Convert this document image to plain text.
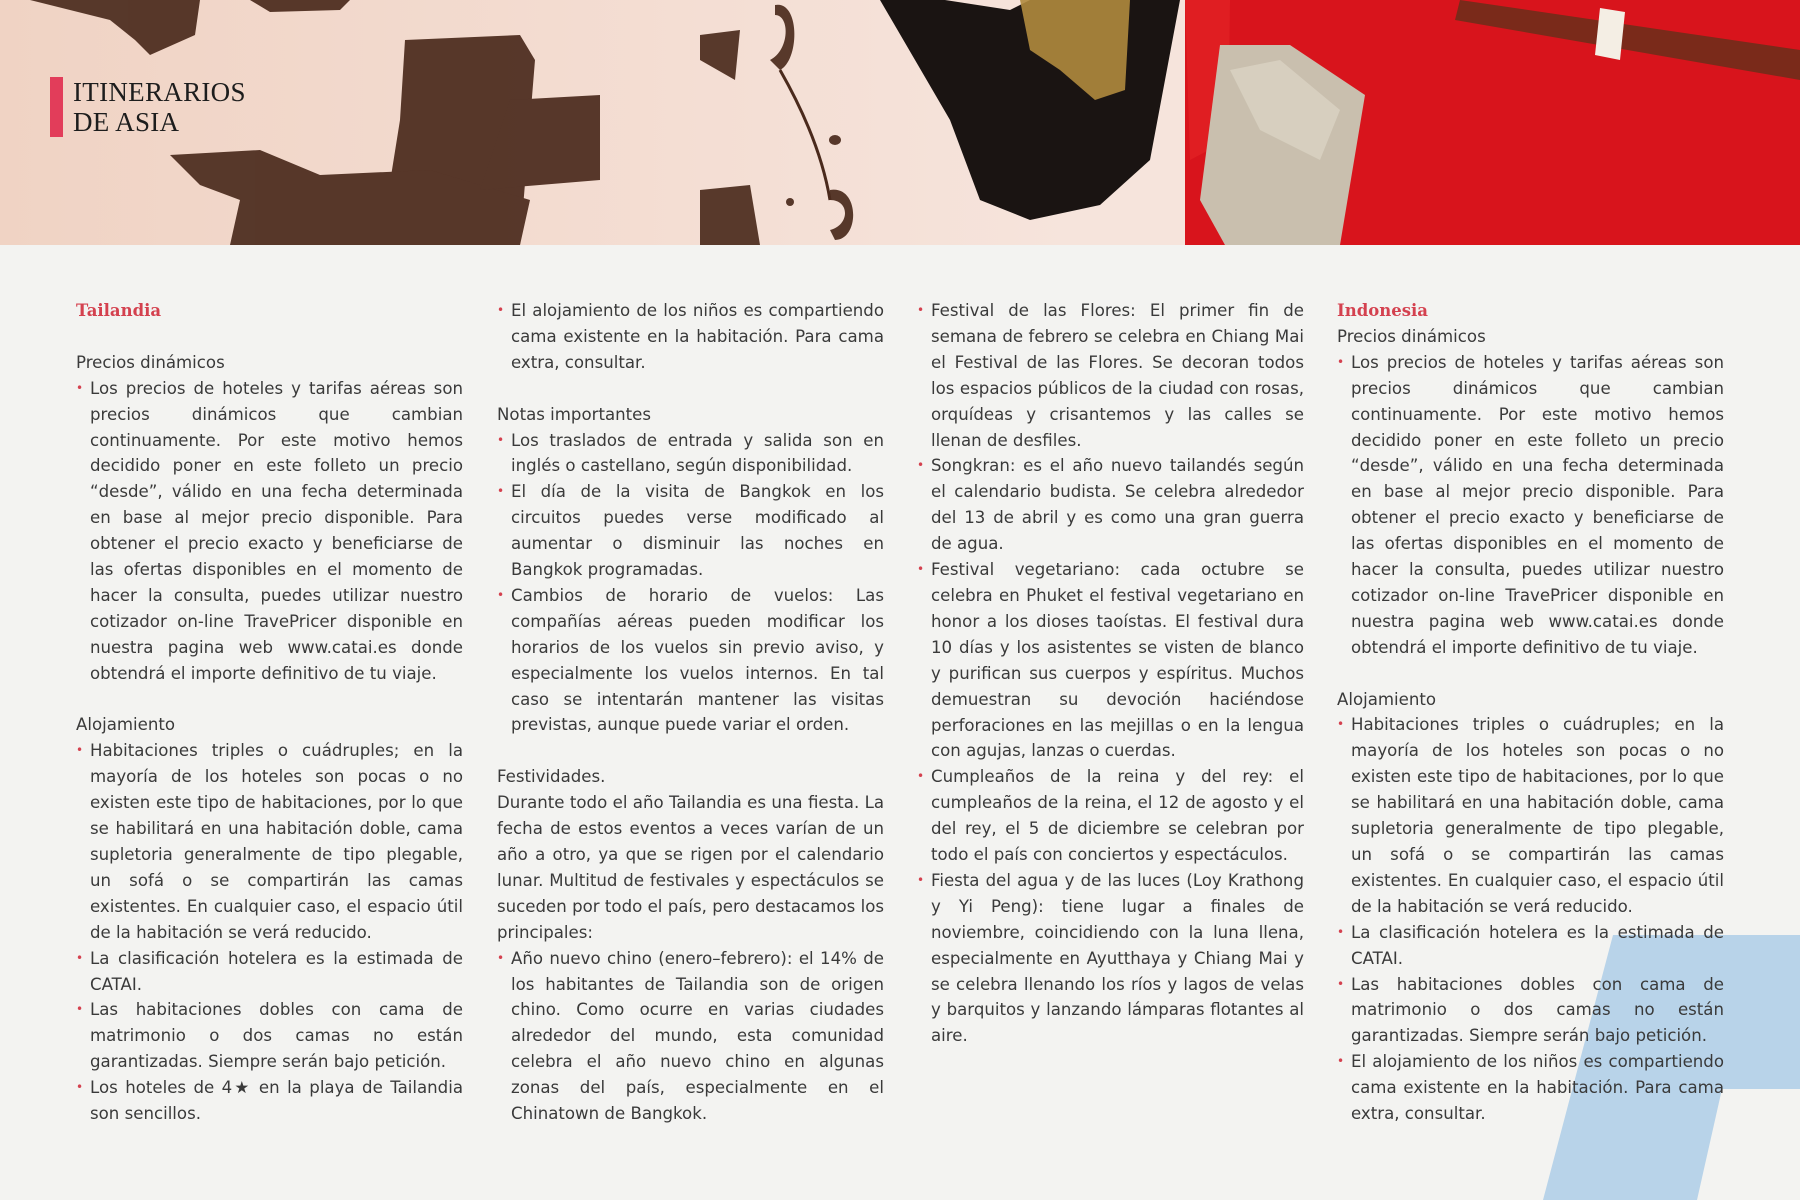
ITINERARIOS
DE ASIA
Tailandia
Precios dinámicos
• Los precios de hoteles y tarifas aéreas son precios dinámicos que cambian continuamente. Por este motivo hemos decidido poner en este folleto un precio “desde”, válido en una fecha determinada en base al mejor precio disponible. Para obtener el precio exacto y beneficiarse de las ofertas disponibles en el momento de hacer la consulta, puedes utilizar nuestro cotizador on-line TravePricer disponible en nuestra pagina web www.catai.es donde obtendrá el importe definitivo de tu viaje.
Alojamiento
• Habitaciones triples o cuádruples; en la mayoría de los hoteles son pocas o no existen este tipo de habitaciones, por lo que se habilitará en una habitación doble, cama supletoria generalmente de tipo plegable, un sofá o se compartirán las camas existentes. En cualquier caso, el espacio útil de la habitación se verá reducido.
• La clasificación hotelera es la estimada de CATAI.
• Las habitaciones dobles con cama de matrimonio o dos camas no están garantizadas. Siempre serán bajo petición.
• Los hoteles de 4★ en la playa de Tailandia son sencillos.
• El alojamiento de los niños es compartiendo cama existente en la habitación. Para cama extra, consultar.
Notas importantes
• Los traslados de entrada y salida son en inglés o castellano, según disponibilidad.
• El día de la visita de Bangkok en los circuitos puedes verse modificado al aumentar o disminuir las noches en Bangkok programadas.
• Cambios de horario de vuelos: Las compañías aéreas pueden modificar los horarios de los vuelos sin previo aviso, y especialmente los vuelos internos. En tal caso se intentarán mantener las visitas previstas, aunque puede variar el orden.
Festividades.
Durante todo el año Tailandia es una fiesta. La fecha de estos eventos a veces varían de un año a otro, ya que se rigen por el calendario lunar. Multitud de festivales y espectáculos se suceden por todo el país, pero destacamos los principales:
• Año nuevo chino (enero–febrero): el 14% de los habitantes de Tailandia son de origen chino. Como ocurre en varias ciudades alrededor del mundo, esta comunidad celebra el año nuevo chino en algunas zonas del país, especialmente en el Chinatown de Bangkok.
• Festival de las Flores: El primer fin de semana de febrero se celebra en Chiang Mai el Festival de las Flores. Se decoran todos los espacios públicos de la ciudad con rosas, orquídeas y crisantemos y las calles se llenan de desfiles.
• Songkran: es el año nuevo tailandés según el calendario budista. Se celebra alrededor del 13 de abril y es como una gran guerra de agua.
• Festival vegetariano: cada octubre se celebra en Phuket el festival vegetariano en honor a los dioses taoístas. El festival dura 10 días y los asistentes se visten de blanco y purifican sus cuerpos y espíritus. Muchos demuestran su devoción haciéndose perforaciones en las mejillas o en la lengua con agujas, lanzas o cuerdas.
• Cumpleaños de la reina y del rey: el cumpleaños de la reina, el 12 de agosto y el del rey, el 5 de diciembre se celebran por todo el país con conciertos y espectáculos.
• Fiesta del agua y de las luces (Loy Krathong y Yi Peng): tiene lugar a finales de noviembre, coincidiendo con la luna llena, especialmente en Ayutthaya y Chiang Mai y se celebra llenando los ríos y lagos de velas y barquitos y lanzando lámparas flotantes al aire.
Indonesia
Precios dinámicos
• Los precios de hoteles y tarifas aéreas son precios dinámicos que cambian continuamente. Por este motivo hemos decidido poner en este folleto un precio “desde”, válido en una fecha determinada en base al mejor precio disponible. Para obtener el precio exacto y beneficiarse de las ofertas disponibles en el momento de hacer la consulta, puedes utilizar nuestro cotizador on-line TravePricer disponible en nuestra pagina web www.catai.es donde obtendrá el importe definitivo de tu viaje.
Alojamiento
• Habitaciones triples o cuádruples; en la mayoría de los hoteles son pocas o no existen este tipo de habitaciones, por lo que se habilitará en una habitación doble, cama supletoria generalmente de tipo plegable, un sofá o se compartirán las camas existentes. En cualquier caso, el espacio útil de la habitación se verá reducido.
• La clasificación hotelera es la estimada de CATAI.
• Las habitaciones dobles con cama de matrimonio o dos camas no están garantizadas. Siempre serán bajo petición.
• El alojamiento de los niños es compartiendo cama existente en la habitación. Para cama extra, consultar.
